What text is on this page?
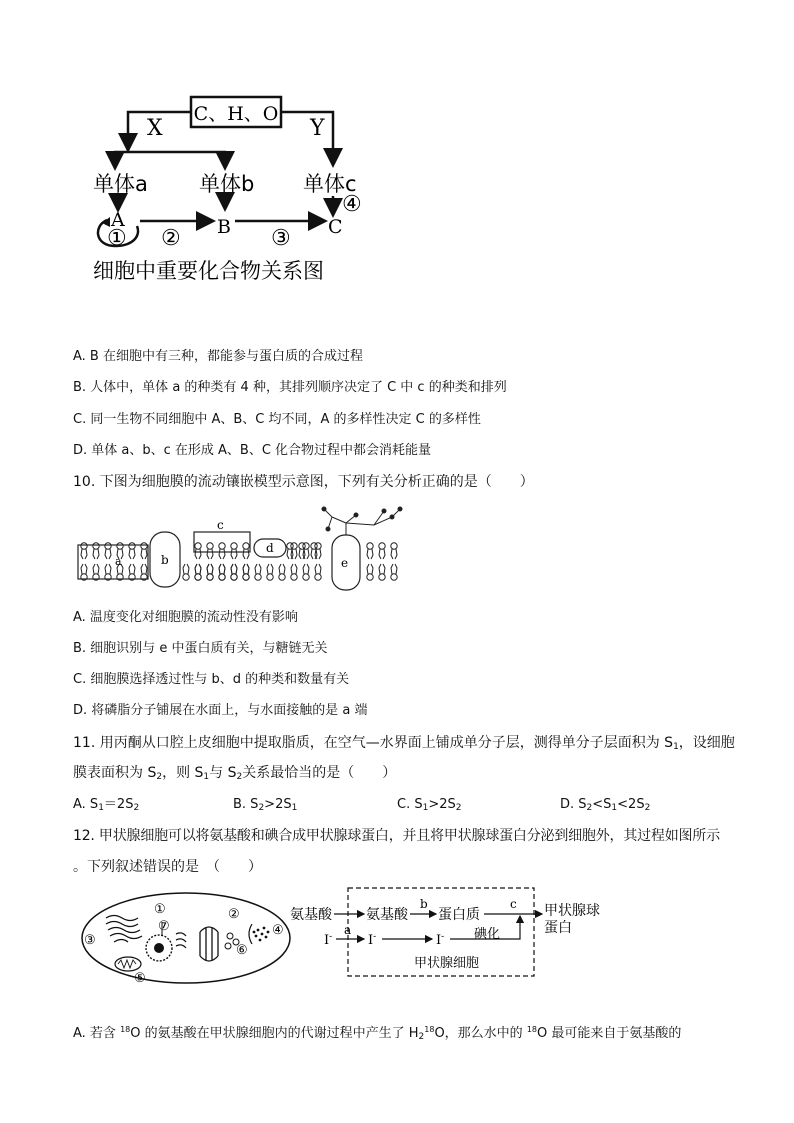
C、H、O
X	Y
单体a 单体b 单体c
A	B	C
① ②	③
④
细胞中重要化合物关系图
A. B 在细胞中有三种，都能参与蛋白质的合成过程
B. 人体中，单体 a 的种类有 4 种，其排列顺序决定了 C 中 c 的种类和排列
C. 同一生物不同细胞中 A、B、C 均不同，A 的多样性决定 C 的多样性
D. 单体 a、b、c 在形成 A、B、C 化合物过程中都会消耗能量
10. 下图为细胞膜的流动镶嵌模型示意图，下列有关分析正确的是（　　）
a	b
c
d
e
A. 温度变化对细胞膜的流动性没有影响
B. 细胞识别与 e 中蛋白质有关，与糖链无关
C. 细胞膜选择透过性与 b、d 的种类和数量有关
D. 将磷脂分子铺展在水面上，与水面接触的是 a 端
11. 用丙酮从口腔上皮细胞中提取脂质，在空气—水界面上铺成单分子层，测得单分子层面积为 $S_1$，设细胞
膜表面积为 $S_2$，则 $S_1$与 $S_2$关系最恰当的是（　　）
A. $S_1=2S_2$	B. $S_2>2S_1$	C. $S_1>2S_2$	D. $S_2<S_1<2S_2$
12. 甲状腺细胞可以将氨基酸和碘合成甲状腺球蛋白，并且将甲状腺球蛋白分泌到细胞外，其过程如图所示
。下列叙述错误的是　（　　）
①	②
③
④
⑤
⑥
⑦
氨基酸 氨基酸
b
蛋白质
c 甲状腺球
蛋白
I- a
I-	I- 碘化
甲状腺细胞
A. 若含 $^{18}$O 的氨基酸在甲状腺细胞内的代谢过程中产生了 $H_2^{18}O$，那么水中的 $^{18}$O 最可能来自于氨基酸的
